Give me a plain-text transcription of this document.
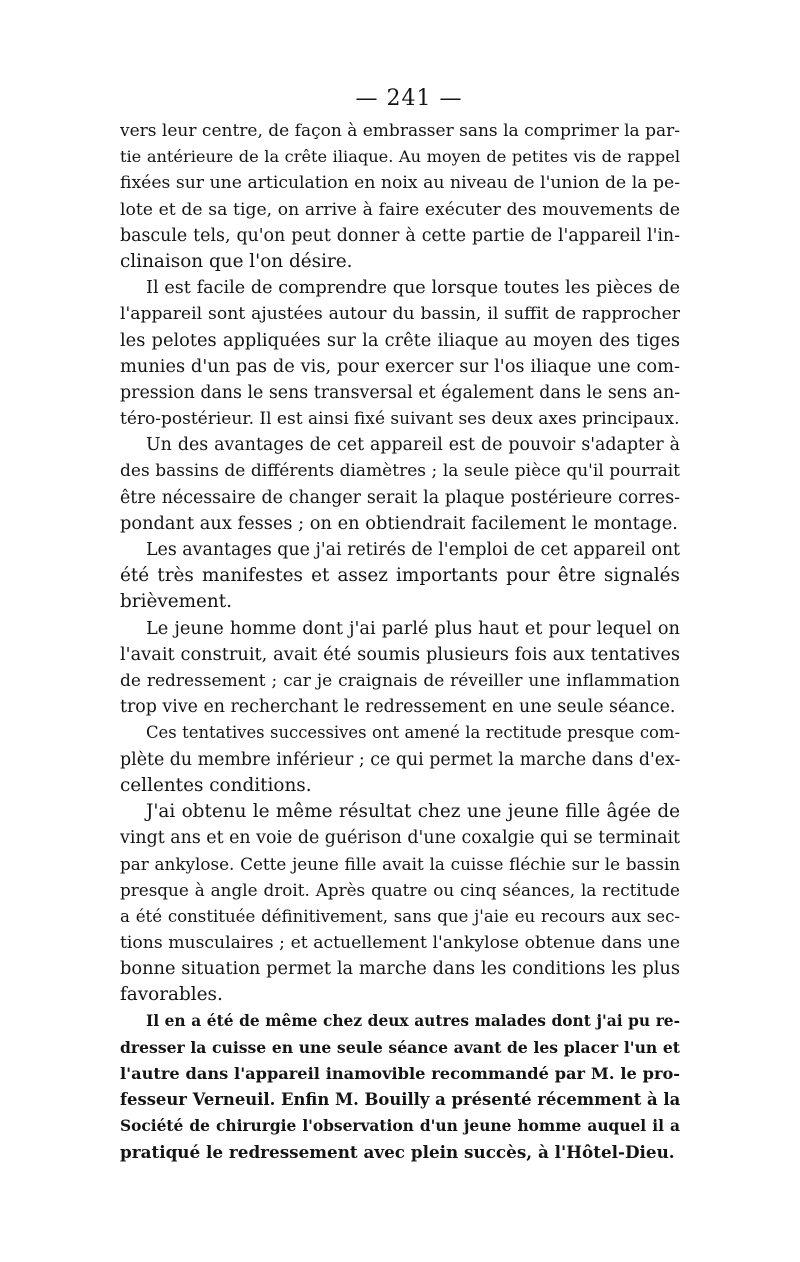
— 241 —
vers leur centre, de façon à embrasser sans la comprimer la par-
tie antérieure de la crête iliaque. Au moyen de petites vis de rappel
fixées sur une articulation en noix au niveau de l'union de la pe-
lote et de sa tige, on arrive à faire exécuter des mouvements de
bascule tels, qu'on peut donner à cette partie de l'appareil l'in-
clinaison que l'on désire.
Il est facile de comprendre que lorsque toutes les pièces de
l'appareil sont ajustées autour du bassin, il suffit de rapprocher
les pelotes appliquées sur la crête iliaque au moyen des tiges
munies d'un pas de vis, pour exercer sur l'os iliaque une com-
pression dans le sens transversal et également dans le sens an-
téro-postérieur. Il est ainsi fixé suivant ses deux axes principaux.
Un des avantages de cet appareil est de pouvoir s'adapter à
des bassins de différents diamètres ; la seule pièce qu'il pourrait
être nécessaire de changer serait la plaque postérieure corres-
pondant aux fesses ; on en obtiendrait facilement le montage.
Les avantages que j'ai retirés de l'emploi de cet appareil ont
été très manifestes et assez importants pour être signalés
brièvement.
Le jeune homme dont j'ai parlé plus haut et pour lequel on
l'avait construit, avait été soumis plusieurs fois aux tentatives
de redressement ; car je craignais de réveiller une inflammation
trop vive en recherchant le redressement en une seule séance.
Ces tentatives successives ont amené la rectitude presque com-
plète du membre inférieur ; ce qui permet la marche dans d'ex-
cellentes conditions.
J'ai obtenu le même résultat chez une jeune fille âgée de
vingt ans et en voie de guérison d'une coxalgie qui se terminait
par ankylose. Cette jeune fille avait la cuisse fléchie sur le bassin
presque à angle droit. Après quatre ou cinq séances, la rectitude
a été constituée définitivement, sans que j'aie eu recours aux sec-
tions musculaires ; et actuellement l'ankylose obtenue dans une
bonne situation permet la marche dans les conditions les plus
favorables.
Il en a été de même chez deux autres malades dont j'ai pu re-
dresser la cuisse en une seule séance avant de les placer l'un et
l'autre dans l'appareil inamovible recommandé par M. le pro-
fesseur Verneuil. Enfin M. Bouilly a présenté récemment à la
Société de chirurgie l'observation d'un jeune homme auquel il a
pratiqué le redressement avec plein succès, à l'Hôtel-Dieu.
